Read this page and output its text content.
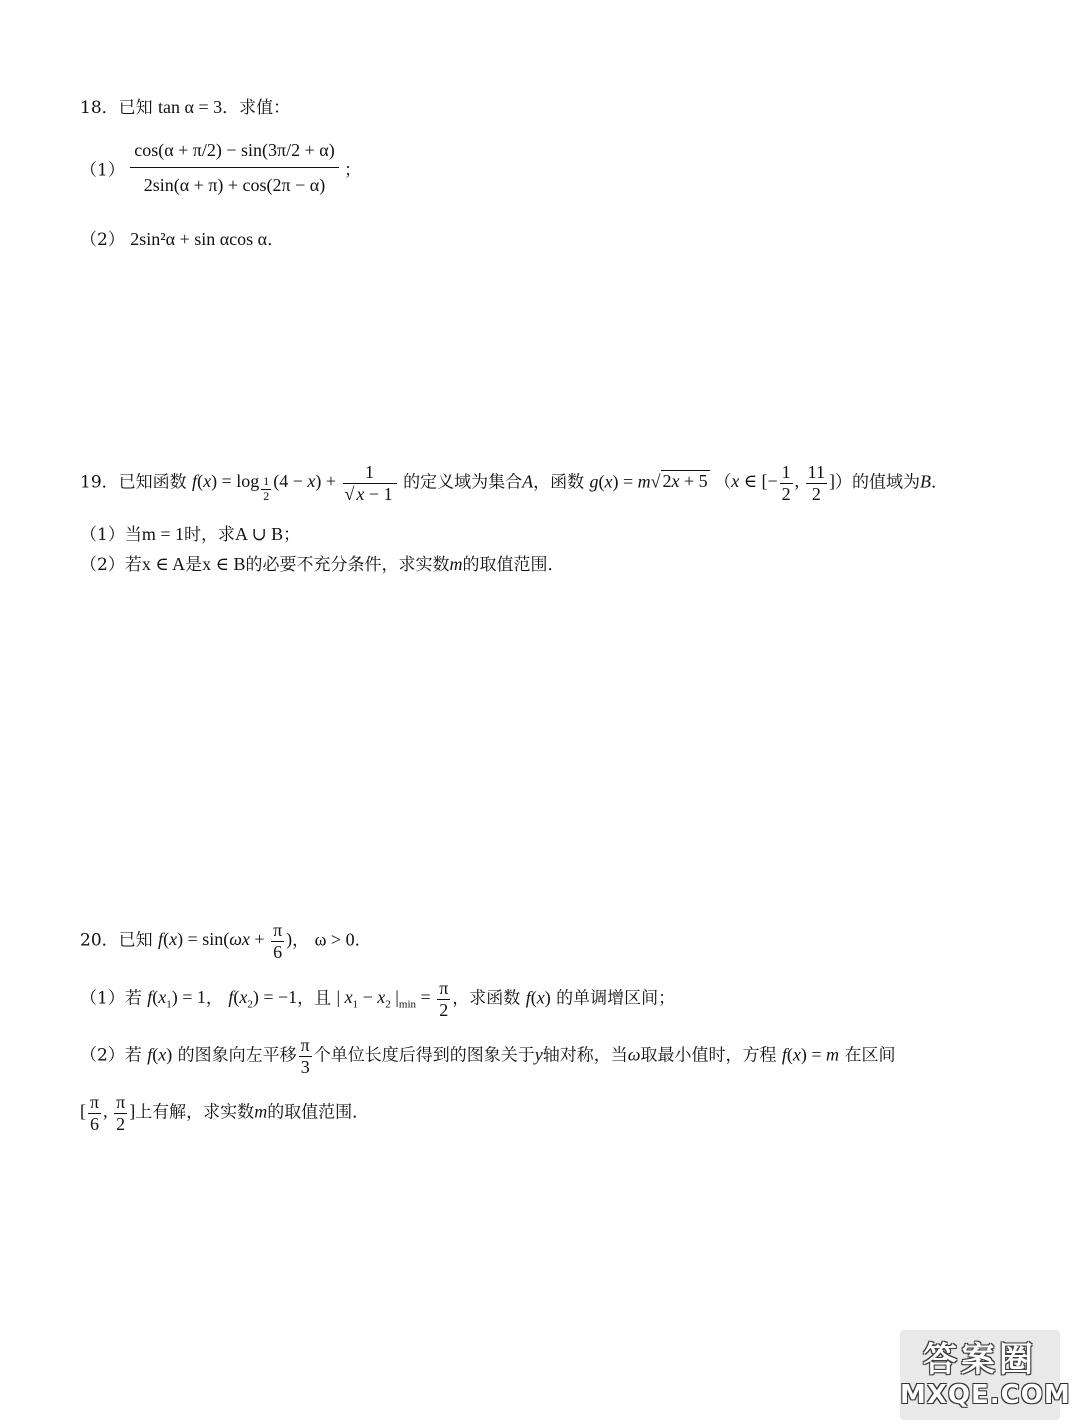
18．已知 tan α = 3．求值：
$(1) \frac{\cos(\alpha + \pi/2) - \sin(3\pi/2 + \alpha)}{2\sin(\alpha + \pi) + \cos(2\pi - \alpha)}$ ；
（2） 2sin²α + sin αcos α．
19．已知函数 f(x) = log $_{\frac{1}{2}}$ $(4 - x) + \frac{1}{√ x - 1}$ 的定义域为集合A，函数 g(x) = m√ 2x + 5 （x ∈ [− $\frac{1}{2}$ , $\frac{11}{2}$ ]）的值域为B．
（1）当m = 1时，求A ∪ B；
（2）若x ∈ A是x ∈ B的必要不充分条件，求实数m的取值范围．
20．已知 $f(x) = \sin(\omega x + \frac{\pi}{6}$ )， ω > 0．
（1）若 $f(x_1) = 1$， $f(x_2) = -1$，且 | $x_1 - x_2$ $|_{min} = \frac{\pi}{2}$ ，求函数 f(x) 的单调增区间；
（2）若 f(x) 的图象向左平移 $\frac{\pi}{3}$ 个单位长度后得到的图象关于y轴对称，当ω取最小值时，方程 f(x) = m 在区间
[ $\frac{\pi}{6}$ , $\frac{\pi}{2}$ ]上有解，求实数m的取值范围．
答案圈
MXQE.COM
